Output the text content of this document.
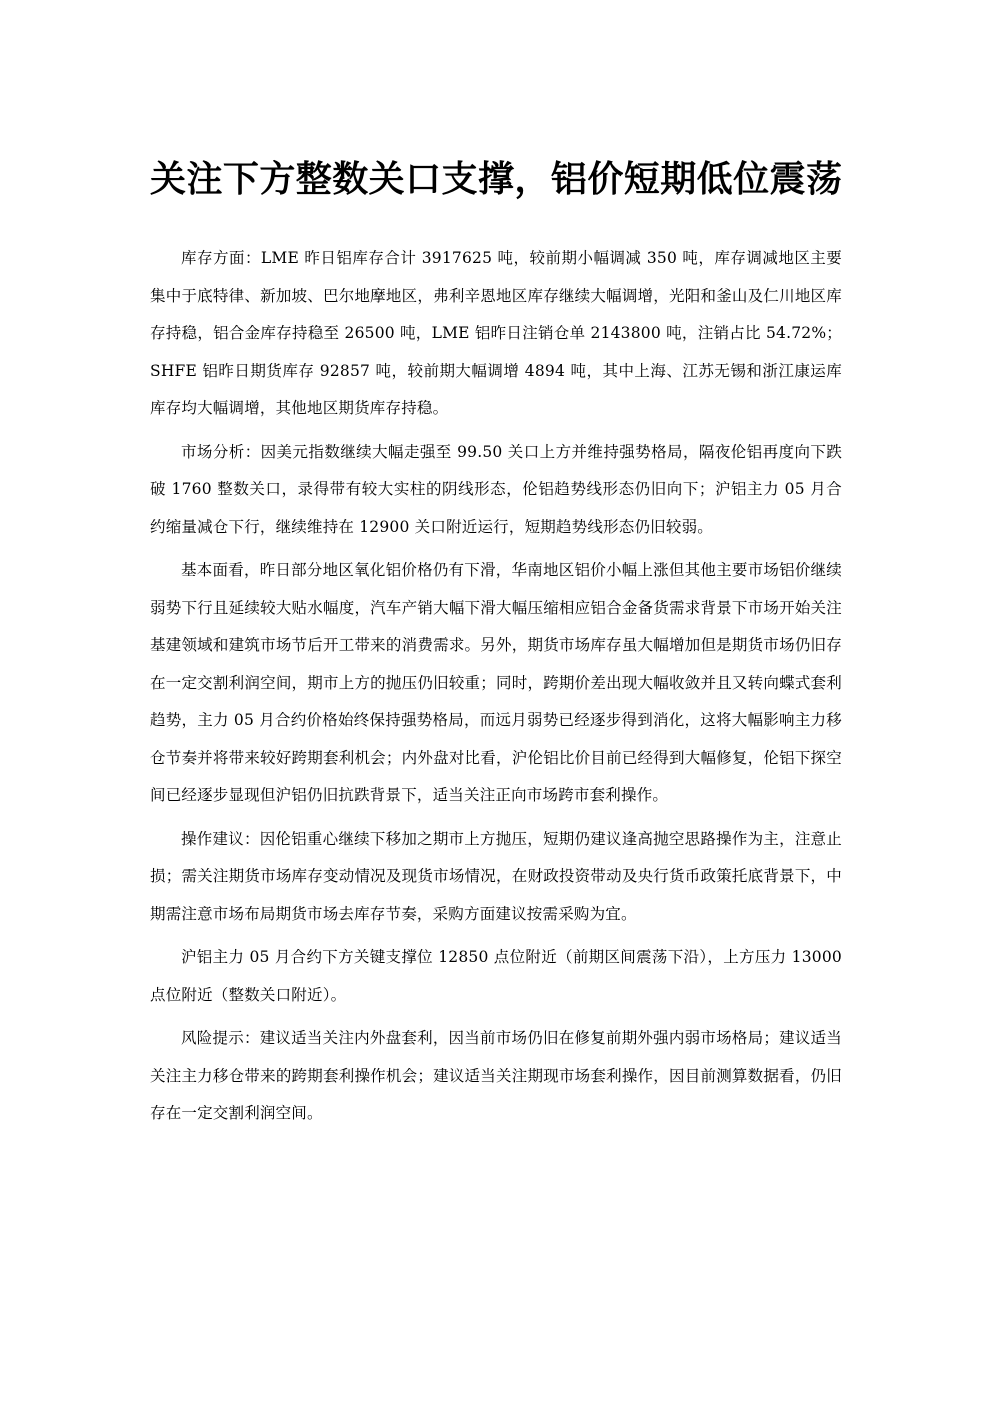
关注下方整数关口支撑，铝价短期低位震荡

库存方面：LME 昨日铝库存合计 3917625 吨，较前期小幅调减 350 吨，库存调减地区主要集中于底特律、新加坡、巴尔地摩地区，弗利辛恩地区库存继续大幅调增，光阳和釜山及仁川地区库存持稳，铝合金库存持稳至 26500 吨，LME 铝昨日注销仓单 2143800 吨，注销占比 54.72%；SHFE 铝昨日期货库存 92857 吨，较前期大幅调增 4894 吨，其中上海、江苏无锡和浙江康运库库存均大幅调增，其他地区期货库存持稳。

市场分析：因美元指数继续大幅走强至 99.50 关口上方并维持强势格局，隔夜伦铝再度向下跌破 1760 整数关口，录得带有较大实柱的阴线形态，伦铝趋势线形态仍旧向下；沪铝主力 05 月合约缩量减仓下行，继续维持在 12900 关口附近运行，短期趋势线形态仍旧较弱。

基本面看，昨日部分地区氧化铝价格仍有下滑，华南地区铝价小幅上涨但其他主要市场铝价继续弱势下行且延续较大贴水幅度，汽车产销大幅下滑大幅压缩相应铝合金备货需求背景下市场开始关注基建领域和建筑市场节后开工带来的消费需求。另外，期货市场库存虽大幅增加但是期货市场仍旧存在一定交割利润空间，期市上方的抛压仍旧较重；同时，跨期价差出现大幅收敛并且又转向蝶式套利趋势，主力 05 月合约价格始终保持强势格局，而远月弱势已经逐步得到消化，这将大幅影响主力移仓节奏并将带来较好跨期套利机会；内外盘对比看，沪伦铝比价目前已经得到大幅修复，伦铝下探空间已经逐步显现但沪铝仍旧抗跌背景下，适当关注正向市场跨市套利操作。

操作建议：因伦铝重心继续下移加之期市上方抛压，短期仍建议逢高抛空思路操作为主，注意止损；需关注期货市场库存变动情况及现货市场情况，在财政投资带动及央行货币政策托底背景下，中期需注意市场布局期货市场去库存节奏，采购方面建议按需采购为宜。

沪铝主力 05 月合约下方关键支撑位 12850 点位附近（前期区间震荡下沿），上方压力 13000 点位附近（整数关口附近）。

风险提示：建议适当关注内外盘套利，因当前市场仍旧在修复前期外强内弱市场格局；建议适当关注主力移仓带来的跨期套利操作机会；建议适当关注期现市场套利操作，因目前测算数据看，仍旧存在一定交割利润空间。
